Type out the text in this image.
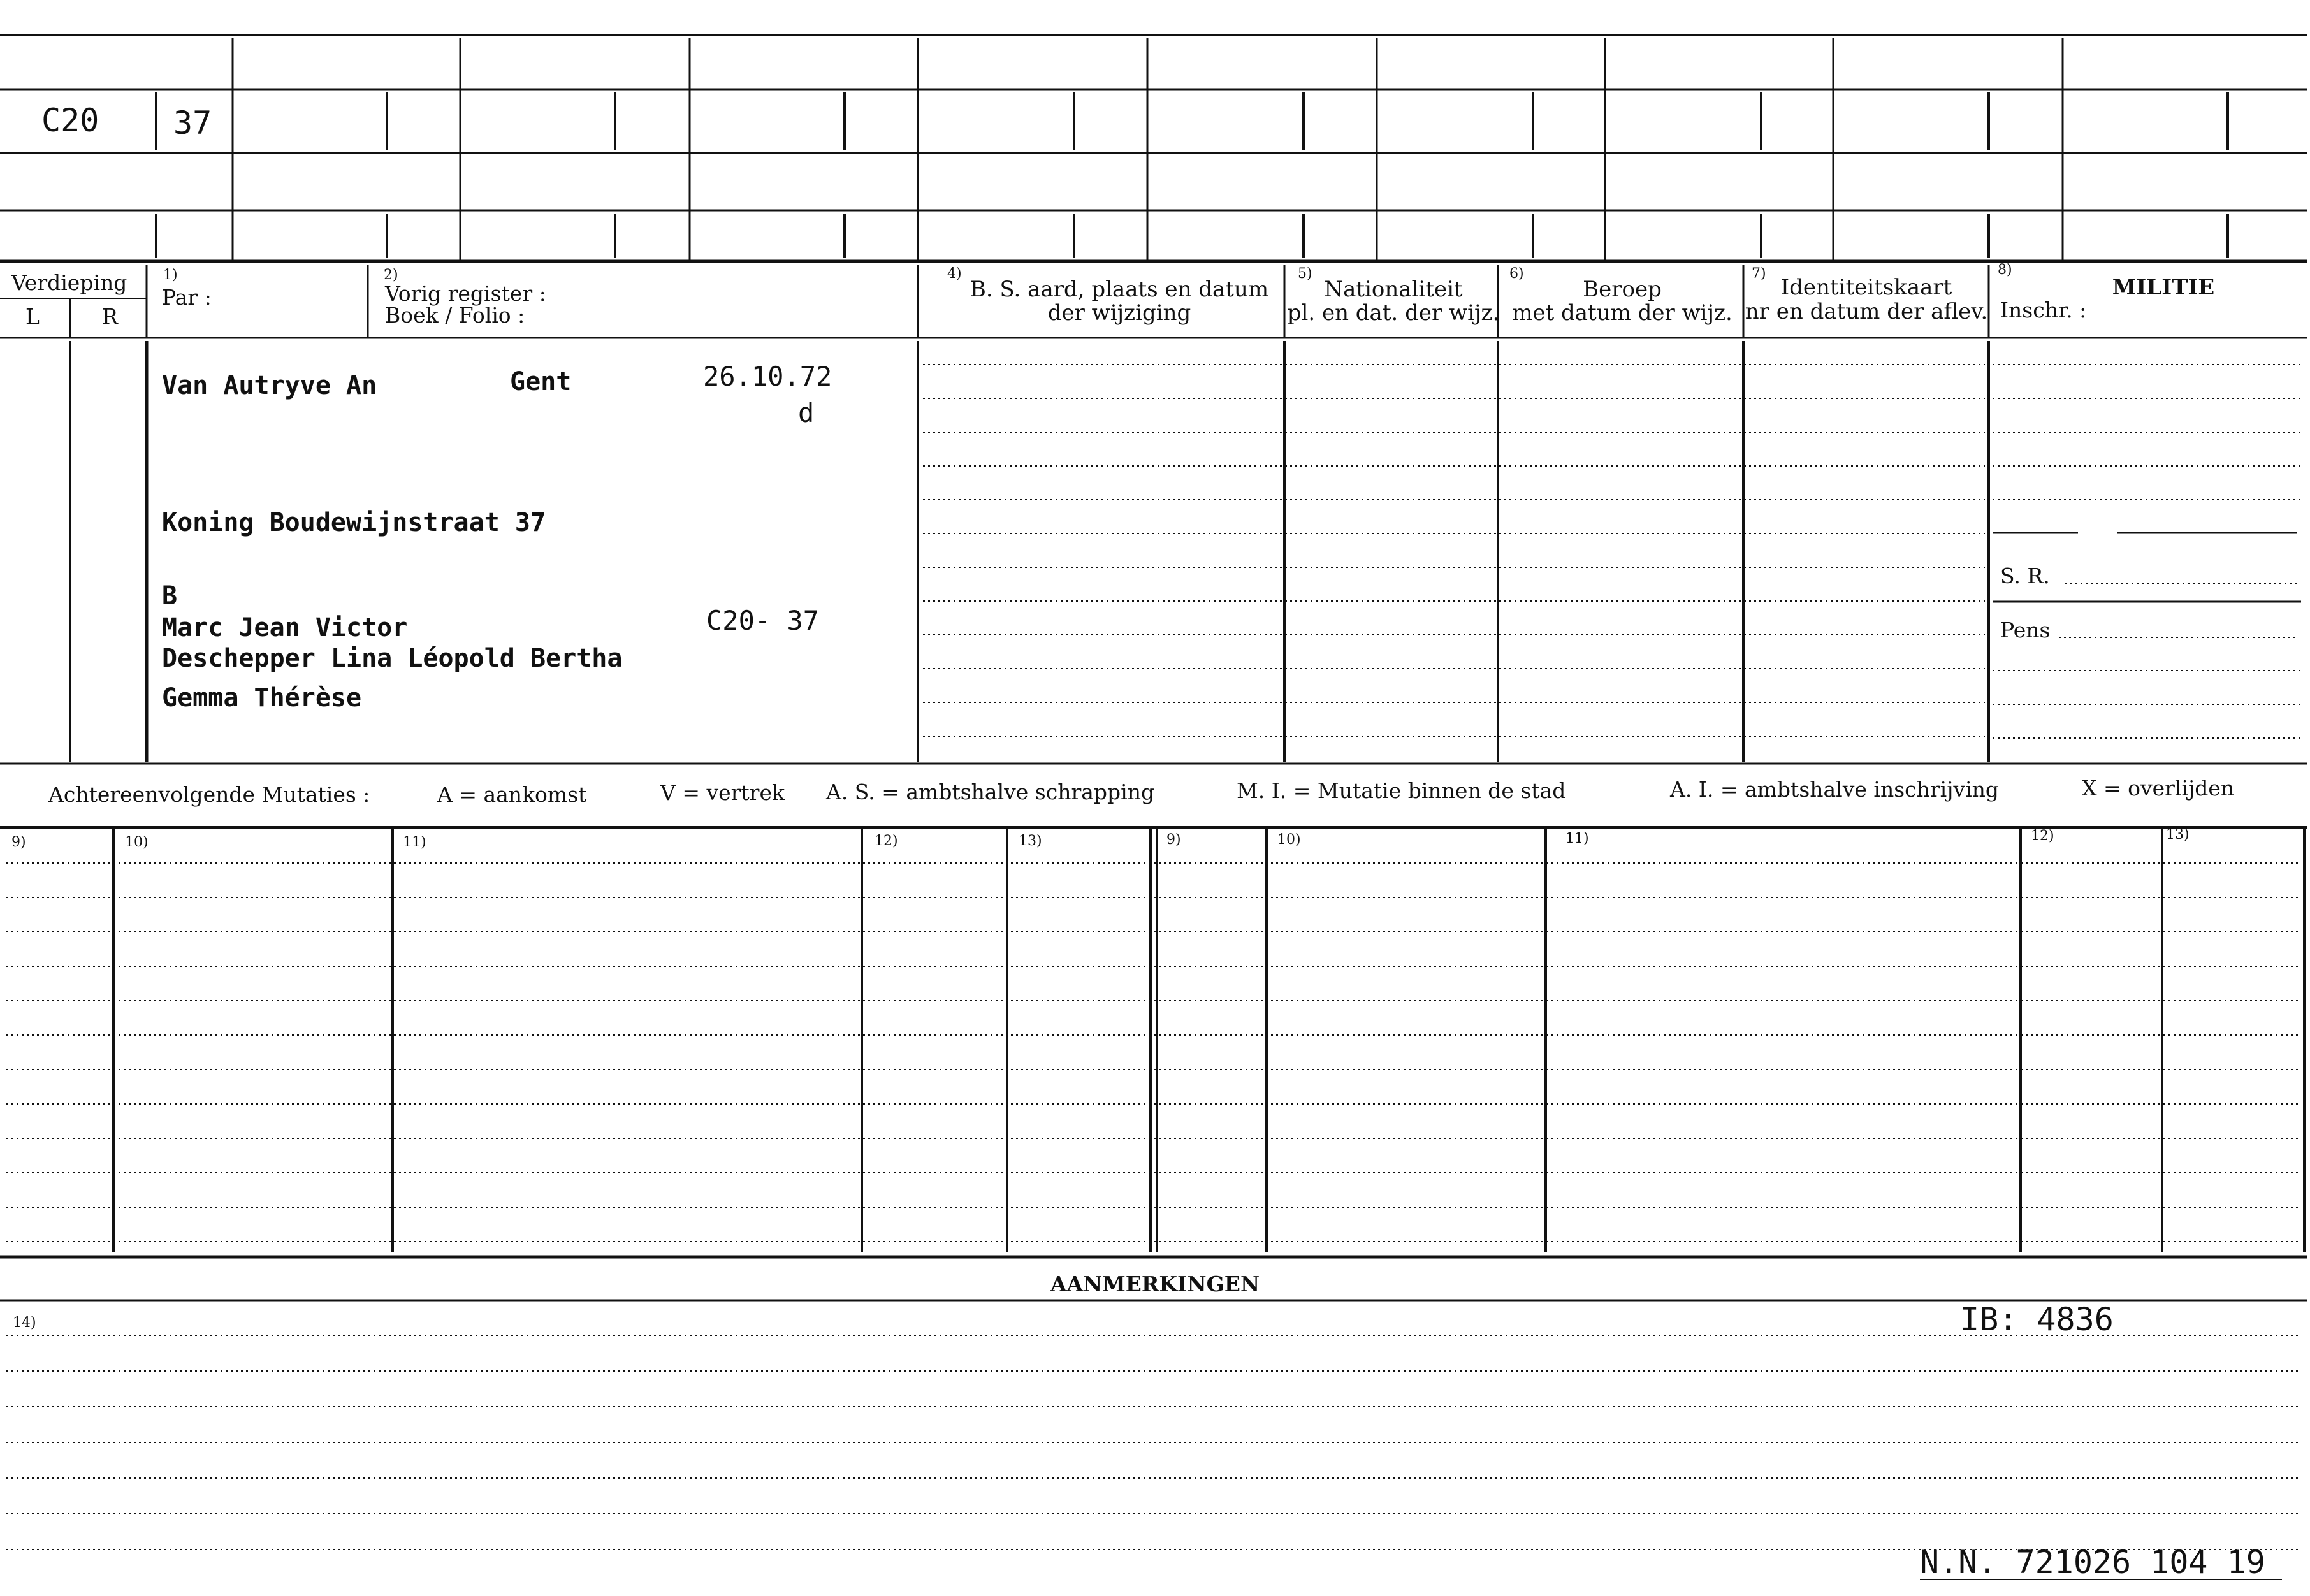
C20 37
Verdieping
L	R
1)
Par :
2)
Vorig register :
Boek / Folio :
4)
B. S. aard, plaats en datum
der wijziging
5)
Nationaliteit
pl. en dat. der wijz.
6)
Beroep
met datum der wijz.
7)
Identiteitskaart
nr en datum der aflev.
8)
MILITIE
Inschr. :
S. R.
Pens
Van Autryve An	Gent	26.10.72
d
Koning Boudewijnstraat 37
B
Marc Jean Victor	C20- 37
Deschepper Lina Léopold Bertha
Gemma Thérèse
Achtereenvolgende Mutaties :	A = aankomst	V = vertrek A. S. = ambtshalve schrapping	M. I. = Mutatie binnen de stad	A. I. = ambtshalve inschrijving	X = overlijden
9)	10)	11)	12)	13)	9)	10)	11)	12)	13)
AANMERKINGEN
14)	IB: 4836
N.N. 721026 104 19
